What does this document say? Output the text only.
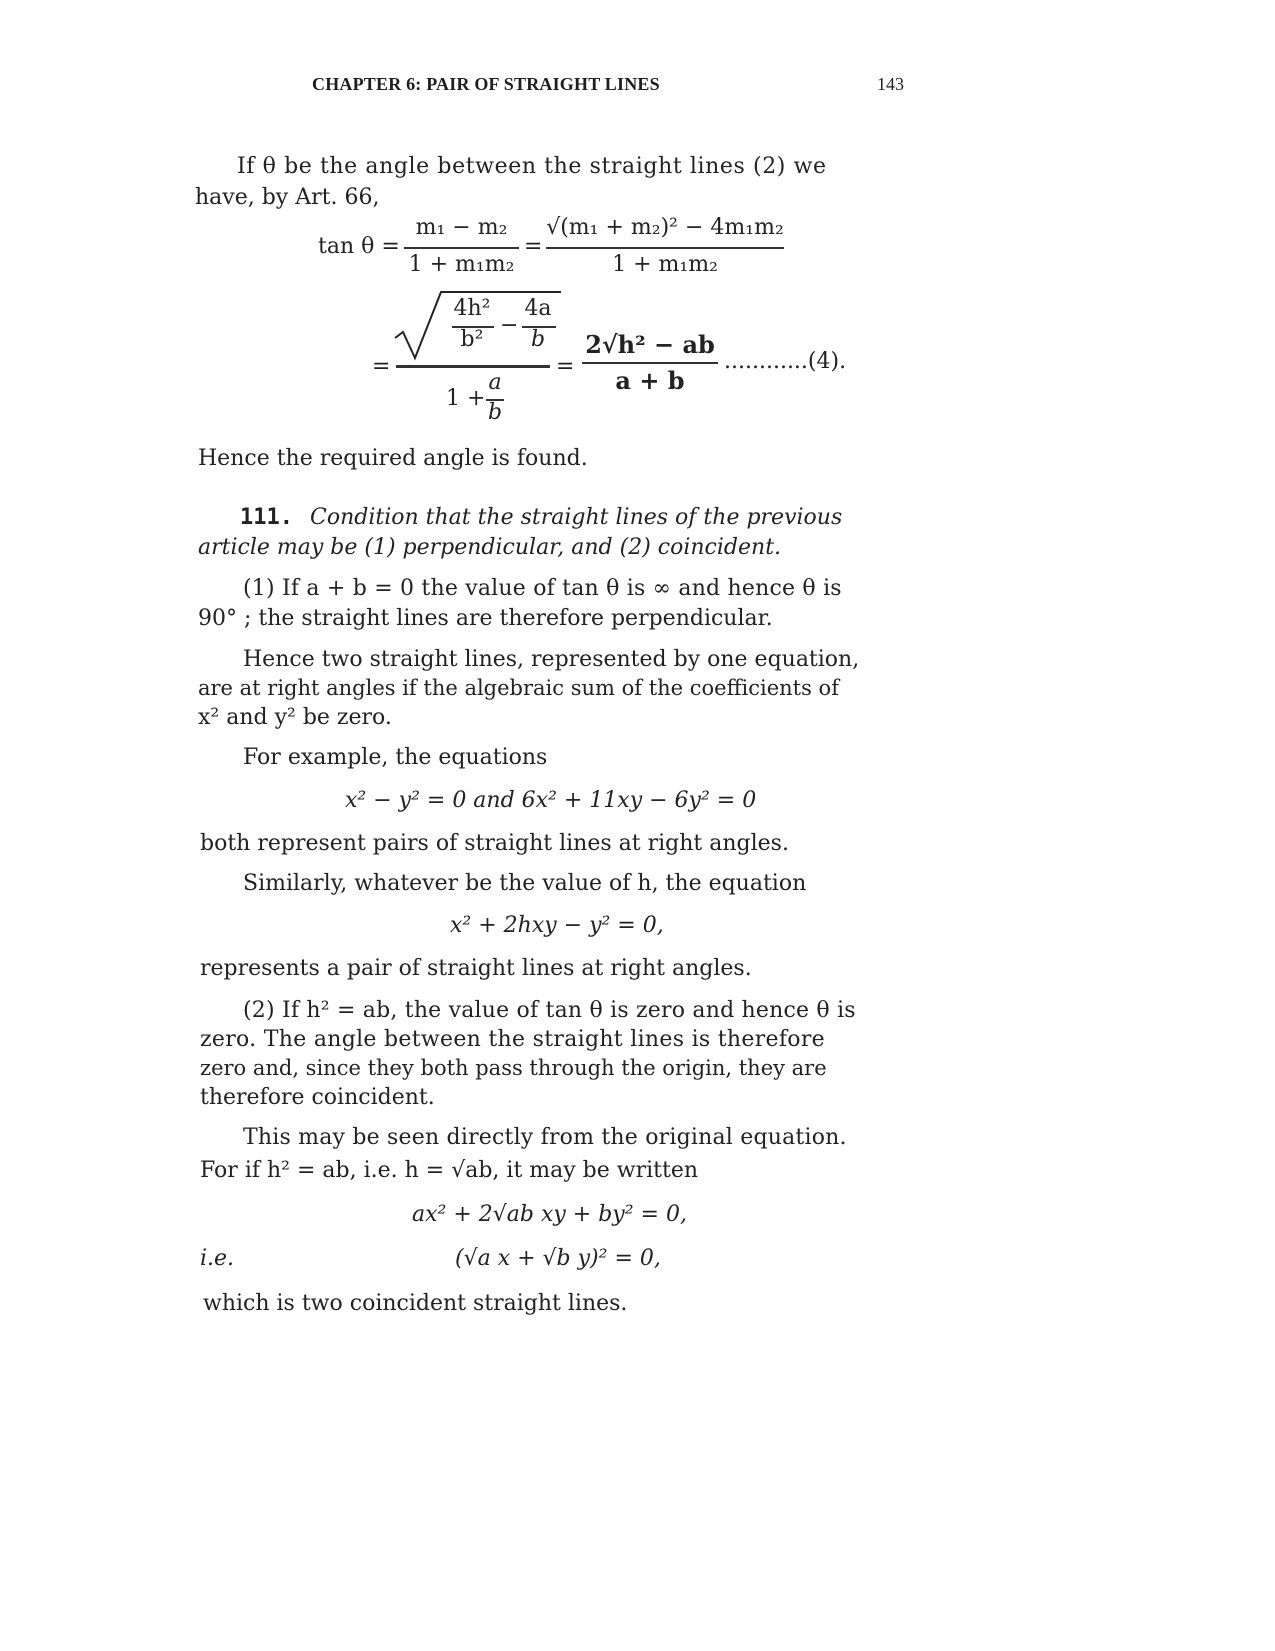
CHAPTER 6: PAIR OF STRAIGHT LINES	143
If θ be the angle between the straight lines (2) we
have, by Art. 66,
tan θ =
m₁ − m₂
1 + m₁m₂
=
√(m₁ + m₂)² − 4m₁m₂
1 + m₁m₂
=
4h²
b²
−
4a
b
1 +
a
b
=
2√h² − ab
a + b
............(4).
Hence the required angle is found.
111. Condition that the straight lines of the previous
article may be (1) perpendicular, and (2) coincident.
(1) If a + b = 0 the value of tan θ is ∞ and hence θ is
90° ; the straight lines are therefore perpendicular.
Hence two straight lines, represented by one equation,
are at right angles if the algebraic sum of the coefficients of
x² and y² be zero.
For example, the equations
x² − y² = 0 and 6x² + 11xy − 6y² = 0
both represent pairs of straight lines at right angles.
Similarly, whatever be the value of h, the equation
x² + 2hxy − y² = 0,
represents a pair of straight lines at right angles.
(2) If h² = ab, the value of tan θ is zero and hence θ is
zero. The angle between the straight lines is therefore
zero and, since they both pass through the origin, they are
therefore coincident.
This may be seen directly from the original equation.
For if h² = ab, i.e. h = √ab, it may be written
ax² + 2√ab xy + by² = 0,
i.e.	(√a x + √b y)² = 0,
which is two coincident straight lines.
